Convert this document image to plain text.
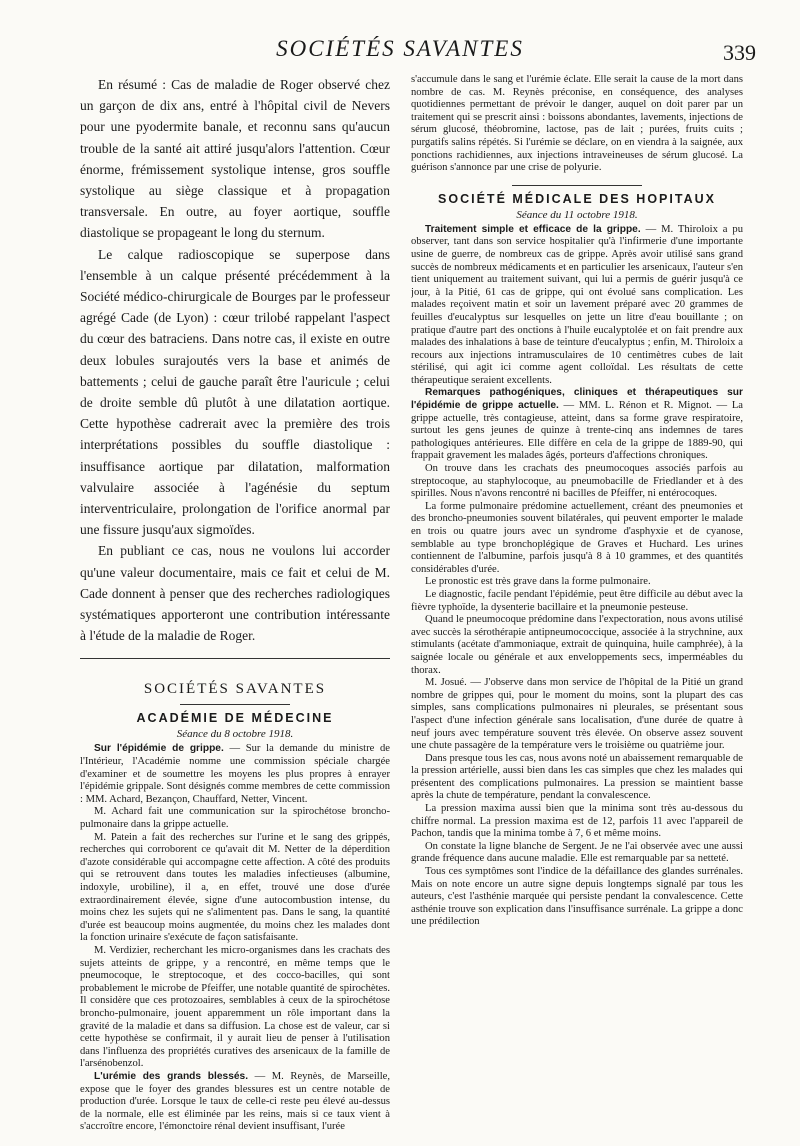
SOCIÉTÉS SAVANTES	339

En résumé : Cas de maladie de Roger observé chez un garçon de dix ans, entré à l'hôpital civil de Nevers pour une pyodermite banale, et reconnu sans qu'aucun trouble de la santé ait attiré jusqu'alors l'attention. Cœur énorme, frémissement systolique intense, gros souffle systolique au siège classique et à propagation transversale. En outre, au foyer aortique, souffle diastolique se propageant le long du sternum.

Le calque radioscopique se superpose dans l'ensemble à un calque présenté précédemment à la Société médico-chirurgicale de Bourges par le professeur agrégé Cade (de Lyon) : cœur trilobé rappelant l'aspect du cœur des batraciens. Dans notre cas, il existe en outre deux lobules surajoutés vers la base et animés de battements ; celui de gauche paraît être l'auricule ; celui de droite semble dû plutôt à une dilatation aortique. Cette hypothèse cadrerait avec la première des trois interprétations possibles du souffle diastolique : insuffisance aortique par dilatation, malformation valvulaire associée à l'agénésie du septum interventriculaire, prolongation de l'orifice anormal par une fissure jusqu'aux sigmoïdes.

En publiant ce cas, nous ne voulons lui accorder qu'une valeur documentaire, mais ce fait et celui de M. Cade donnent à penser que des recherches radiologiques systématiques apporteront une contribution intéressante à l'étude de la maladie de Roger.

SOCIÉTÉS SAVANTES
ACADÉMIE DE MÉDECINE
Séance du 8 octobre 1918.

Sur l'épidémie de grippe. — Sur la demande du ministre de l'Intérieur, l'Académie nomme une commission spéciale chargée d'examiner et de soumettre les moyens les plus propres à enrayer l'épidémie grippale. Sont désignés comme membres de cette commission : MM. Achard, Bezançon, Chauffard, Netter, Vincent.

M. Achard fait une communication sur la spirochétose broncho-pulmonaire dans la grippe actuelle.

M. Patein a fait des recherches sur l'urine et le sang des grippés, recherches qui corroborent ce qu'avait dit M. Netter de la déperdition d'azote considérable qui accompagne cette affection. A côté des produits qui se retrouvent dans toutes les maladies infectieuses (albumine, indoxyle, urobiline), il a, en effet, trouvé une dose d'urée extraordinairement élevée, signe d'une autocombustion intense, du moins chez les sujets qui ne s'alimentent pas. Dans le sang, la quantité d'urée est beaucoup moins augmentée, du moins chez les malades dont la fonction urinaire s'exécute de façon satisfaisante.

M. Verdizier, recherchant les micro-organismes dans les crachats des sujets atteints de grippe, y a rencontré, en même temps que le pneumocoque, le streptocoque, et des cocco-bacilles, qui sont probablement le microbe de Pfeiffer, une notable quantité de spirochètes. Il considère que ces protozoaires, semblables à ceux de la spirochétose broncho-pulmonaire, jouent apparemment un rôle important dans la gravité de la maladie et dans sa diffusion. La chose est de valeur, car si cette hypothèse se confirmait, il y aurait lieu de penser à l'utilisation dans l'influenza des propriétés curatives des arsenicaux de la famille de l'arsénobenzol.

L'urémie des grands blessés. — M. Reynès, de Marseille, expose que le foyer des grandes blessures est un centre notable de production d'urée. Lorsque le taux de celle-ci reste peu élevé au-dessus de la normale, elle est éliminée par les reins, mais si ce taux vient à s'accroître encore, l'émonctoire rénal devient insuffisant, l'urée

s'accumule dans le sang et l'urémie éclate. Elle serait la cause de la mort dans nombre de cas. M. Reynès préconise, en conséquence, des analyses quotidiennes permettant de prévoir le danger, auquel on doit parer par un traitement qui se prescrit ainsi : boissons abondantes, lavements, injections de sérum glucosé, théobromine, lactose, pas de lait ; purées, fruits cuits ; purgatifs salins répétés. Si l'urémie se déclare, on en viendra à la saignée, aux ponctions rachidiennes, aux injections intraveineuses de sérum glucosé. La guérison s'annonce par une crise de polyurie.

SOCIÉTÉ MÉDICALE DES HOPITAUX
Séance du 11 octobre 1918.

Traitement simple et efficace de la grippe. — M. Thiroloix a pu observer, tant dans son service hospitalier qu'à l'infirmerie d'une importante usine de guerre, de nombreux cas de grippe. Après avoir utilisé sans grand succès de nombreux médicaments et en particulier les arsenicaux, l'auteur s'en tient uniquement au traitement suivant, qui lui a permis de guérir jusqu'à ce jour, à la Pitié, 61 cas de grippe, qui ont évolué sans complication. Les malades reçoivent matin et soir un lavement préparé avec 20 grammes de feuilles d'eucalyptus sur lesquelles on jette un litre d'eau bouillante ; on pratique d'autre part des onctions à l'huile eucalyptolée et on fait prendre aux malades des inhalations à base de teinture d'eucalyptus ; enfin, M. Thiroloix a recours aux injections intramusculaires de 10 centimètres cubes de lait stérilisé, qui agit ici comme agent colloïdal. Les résultats de cette thérapeutique seraient excellents.

Remarques pathogéniques, cliniques et thérapeutiques sur l'épidémie de grippe actuelle. — MM. L. Rénon et R. Mignot. — La grippe actuelle, très contagieuse, atteint, dans sa forme grave respiratoire, surtout les gens jeunes de quinze à trente-cinq ans indemnes de tares pathologiques antérieures. Elle diffère en cela de la grippe de 1889-90, qui frappait gravement les malades âgés, porteurs d'affections chroniques.

On trouve dans les crachats des pneumocoques associés parfois au streptocoque, au staphylocoque, au pneumobacille de Friedlander et à des spirilles. Nous n'avons rencontré ni bacilles de Pfeiffer, ni entérocoques.

La forme pulmonaire prédomine actuellement, créant des pneumonies et des broncho-pneumonies souvent bilatérales, qui peuvent emporter le malade en trois ou quatre jours avec un syndrome d'asphyxie et de cyanose, semblable au type bronchoplégique de Graves et Huchard. Les urines contiennent de l'albumine, parfois jusqu'à 8 à 10 grammes, et des quantités considérables d'urée.

Le pronostic est très grave dans la forme pulmonaire.

Le diagnostic, facile pendant l'épidémie, peut être difficile au début avec la fièvre typhoïde, la dysenterie bacillaire et la pneumonie pesteuse.

Quand le pneumocoque prédomine dans l'expectoration, nous avons utilisé avec succès la sérothérapie antipneumococcique, associée à la strychnine, aux stimulants (acétate d'ammoniaque, extrait de quinquina, huile camphrée), à la saignée locale ou générale et aux enveloppements secs, imperméables du thorax.

M. Josué. — J'observe dans mon service de l'hôpital de la Pitié un grand nombre de grippes qui, pour le moment du moins, sont la plupart des cas simples, sans complications pulmonaires ni pleurales, se présentant sous l'aspect d'une infection générale sans localisation, d'une durée de quatre à neuf jours avec température souvent très élevée. On observe assez souvent une chute passagère de la température vers le troisième ou quatrième jour.

Dans presque tous les cas, nous avons noté un abaissement remarquable de la pression artérielle, aussi bien dans les cas simples que chez les malades qui présentent des complications pulmonaires. La pression se maintient basse après la chute de température, pendant la convalescence.

La pression maxima aussi bien que la minima sont très au-dessous du chiffre normal. La pression maxima est de 12, parfois 11 avec l'appareil de Pachon, tandis que la minima tombe à 7, 6 et même moins.

On constate la ligne blanche de Sergent. Je ne l'ai observée avec une aussi grande fréquence dans aucune maladie. Elle est remarquable par sa netteté.

Tous ces symptômes sont l'indice de la défaillance des glandes surrénales. Mais on note encore un autre signe depuis longtemps signalé par tous les auteurs, c'est l'asthénie marquée qui persiste pendant la convalescence. Cette asthénie trouve son explication dans l'insuffisance surrénale. La grippe a donc une prédilection
